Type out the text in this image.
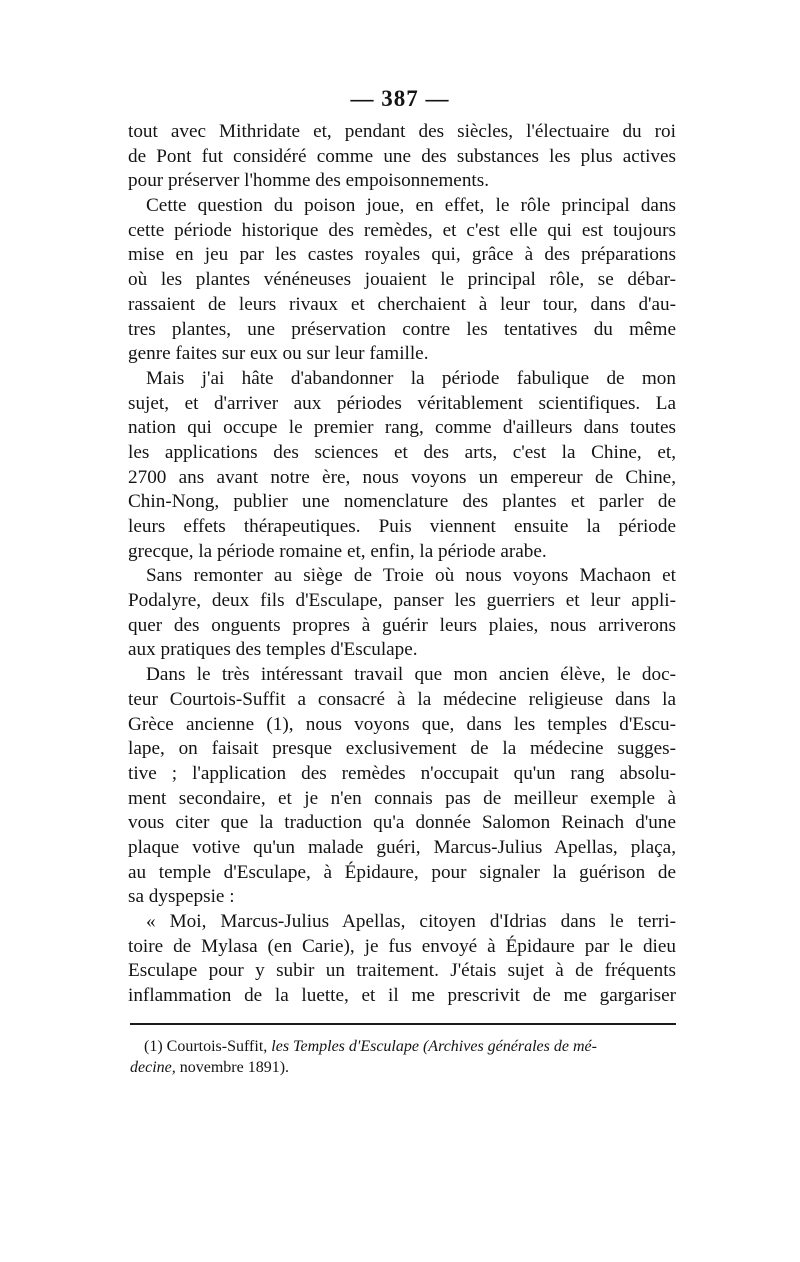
— 387 —
tout avec Mithridate et, pendant des siècles, l'électuaire du roi
de Pont fut considéré comme une des substances les plus actives
pour préserver l'homme des empoisonnements.
Cette question du poison joue, en effet, le rôle principal dans
cette période historique des remèdes, et c'est elle qui est toujours
mise en jeu par les castes royales qui, grâce à des préparations
où les plantes vénéneuses jouaient le principal rôle, se débar-
rassaient de leurs rivaux et cherchaient à leur tour, dans d'au-
tres plantes, une préservation contre les tentatives du même
genre faites sur eux ou sur leur famille.
Mais j'ai hâte d'abandonner la période fabulique de mon
sujet, et d'arriver aux périodes véritablement scientifiques. La
nation qui occupe le premier rang, comme d'ailleurs dans toutes
les applications des sciences et des arts, c'est la Chine, et,
2700 ans avant notre ère, nous voyons un empereur de Chine,
Chin-Nong, publier une nomenclature des plantes et parler de
leurs effets thérapeutiques. Puis viennent ensuite la période
grecque, la période romaine et, enfin, la période arabe.
Sans remonter au siège de Troie où nous voyons Machaon et
Podalyre, deux fils d'Esculape, panser les guerriers et leur appli-
quer des onguents propres à guérir leurs plaies, nous arriverons
aux pratiques des temples d'Esculape.
Dans le très intéressant travail que mon ancien élève, le doc-
teur Courtois-Suffit a consacré à la médecine religieuse dans la
Grèce ancienne (1), nous voyons que, dans les temples d'Escu-
lape, on faisait presque exclusivement de la médecine sugges-
tive ; l'application des remèdes n'occupait qu'un rang absolu-
ment secondaire, et je n'en connais pas de meilleur exemple à
vous citer que la traduction qu'a donnée Salomon Reinach d'une
plaque votive qu'un malade guéri, Marcus-Julius Apellas, plaça,
au temple d'Esculape, à Épidaure, pour signaler la guérison de
sa dyspepsie :
« Moi, Marcus-Julius Apellas, citoyen d'Idrias dans le terri-
toire de Mylasa (en Carie), je fus envoyé à Épidaure par le dieu
Esculape pour y subir un traitement. J'étais sujet à de fréquents
inflammation de la luette, et il me prescrivit de me gargariser
(1) Courtois-Suffit, les Temples d'Esculape (Archives générales de mé-
decine, novembre 1891).
